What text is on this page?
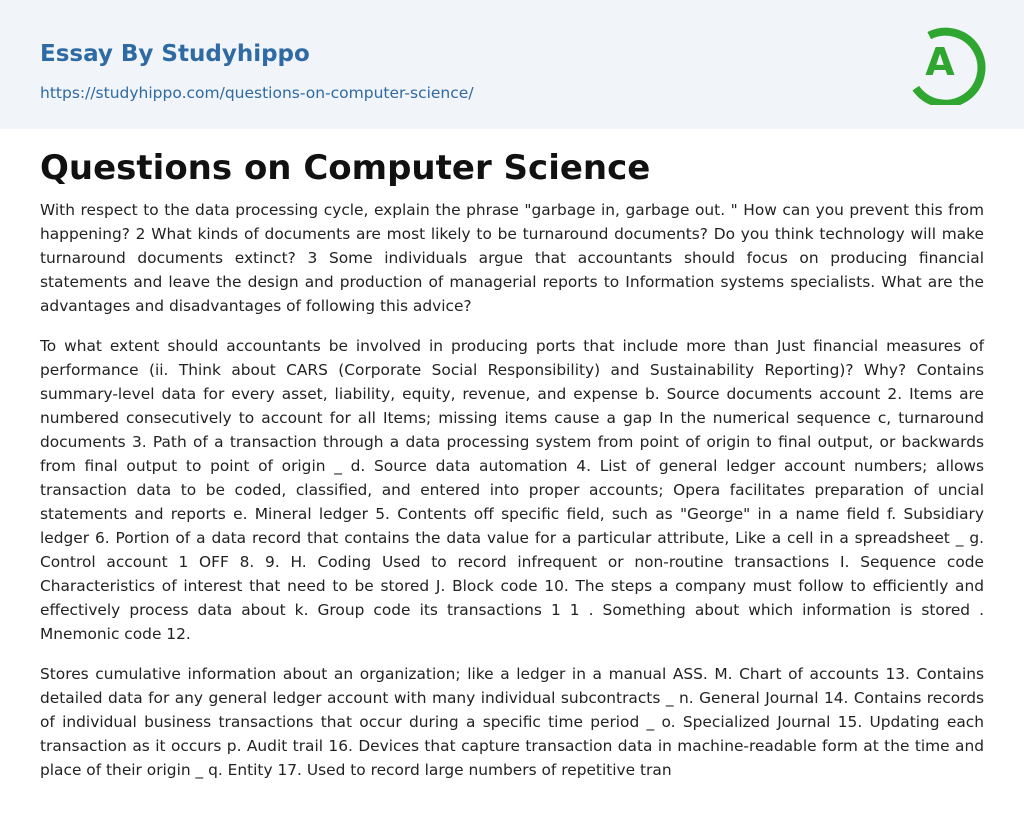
Essay By Studyhippo
https://studyhippo.com/questions-on-computer-science/
A
Questions on Computer Science

With respect to the data processing cycle, explain the phrase "garbage in, garbage out. " How can you prevent this from happening? 2 What kinds of documents are most likely to be turnaround documents? Do you think technology will make turnaround documents extinct? 3 Some individuals argue that accountants should focus on producing financial statements and leave the design and production of managerial reports to Information systems specialists. What are the advantages and disadvantages of following this advice?

To what extent should accountants be involved in producing ports that include more than Just financial measures of performance (ii. Think about CARS (Corporate Social Responsibility) and Sustainability Reporting)? Why? Contains summary-level data for every asset, liability, equity, revenue, and expense b. Source documents account 2. Items are numbered consecutively to account for all Items; missing items cause a gap In the numerical sequence c, turnaround documents 3. Path of a transaction through a data processing system from point of origin to final output, or backwards from final output to point of origin _ d. Source data automation 4. List of general ledger account numbers; allows transaction data to be coded, classified, and entered into proper accounts; Opera facilitates preparation of uncial statements and reports e. Mineral ledger 5. Contents off specific field, such as "George" in a name field f. Subsidiary ledger 6. Portion of a data record that contains the data value for a particular attribute, Like a cell in a spreadsheet _ g. Control account 1 OFF 8. 9. H. Coding Used to record infrequent or non-routine transactions I. Sequence code Characteristics of interest that need to be stored J. Block code 10. The steps a company must follow to efficiently and effectively process data about k. Group code its transactions 1 1 . Something about which information is stored . Mnemonic code 12.

Stores cumulative information about an organization; like a ledger in a manual ASS. M. Chart of accounts 13. Contains detailed data for any general ledger account with many individual subcontracts _ n. General Journal 14. Contains records of individual business transactions that occur during a specific time period _ o. Specialized Journal 15. Updating each transaction as it occurs p. Audit trail 16. Devices that capture transaction data in machine-readable form at the time and place of their origin _ q. Entity 17. Used to record large numbers of repetitive tran
